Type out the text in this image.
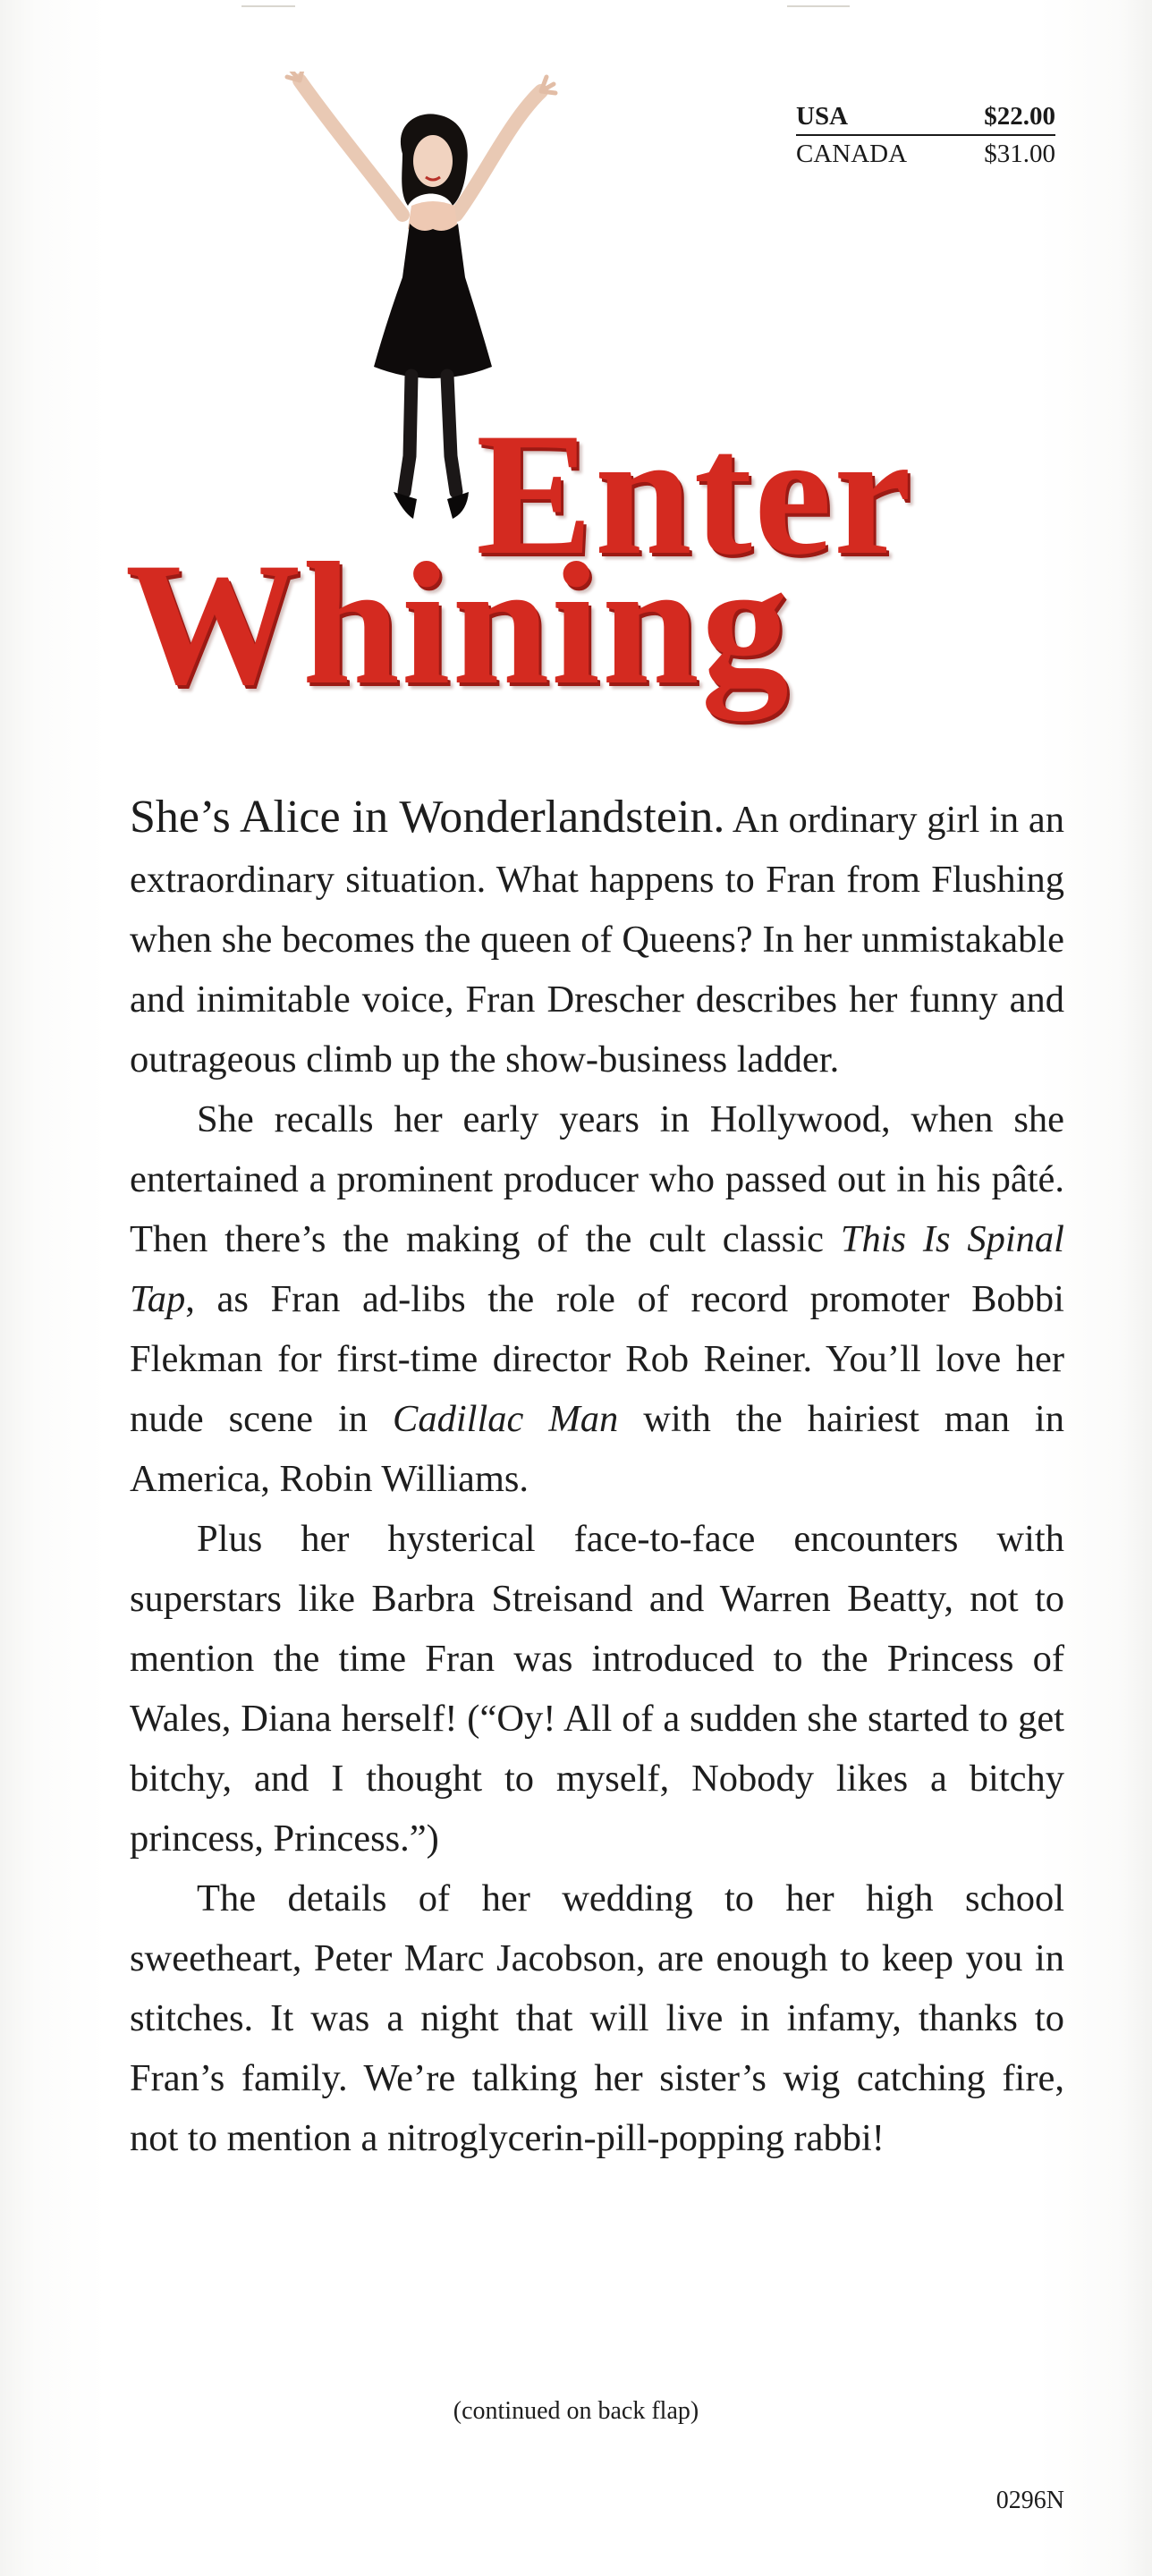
USA	$22.00
CANADA	$31.00
Enter
Whining

She’s Alice in Wonderlandstein. An ordinary girl in an extraordinary situation. What happens to Fran from Flushing when she becomes the queen of Queens? In her unmistakable and inimitable voice, Fran Drescher describes her funny and outrageous climb up the show-business ladder.

She recalls her early years in Hollywood, when she entertained a prominent producer who passed out in his pâté. Then there’s the making of the cult classic This Is Spinal Tap, as Fran ad-libs the role of record promoter Bobbi Flekman for first-time director Rob Reiner. You’ll love her nude scene in Cadillac Man with the hairiest man in America, Robin Williams.

Plus her hysterical face-to-face encounters with superstars like Barbra Streisand and Warren Beatty, not to mention the time Fran was introduced to the Princess of Wales, Diana herself! (“Oy! All of a sudden she started to get bitchy, and I thought to myself, Nobody likes a bitchy princess, Princess.”)

The details of her wedding to her high school sweetheart, Peter Marc Jacobson, are enough to keep you in stitches. It was a night that will live in infamy, thanks to Fran’s family. We’re talking her sister’s wig catching fire, not to mention a nitroglycerin-pill-popping rabbi!

(continued on back flap)
0296N
